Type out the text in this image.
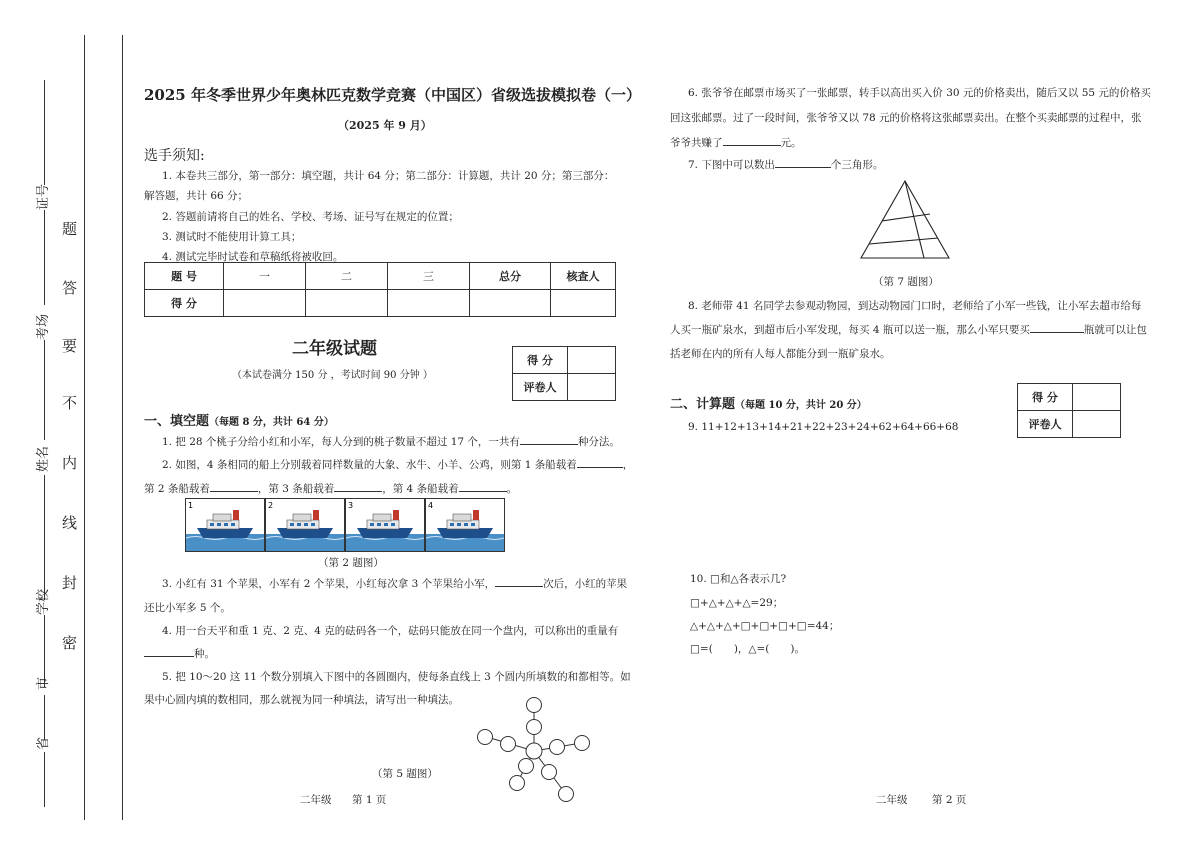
证号
考场
姓名
学校
市
省
题
答
要
不
内
线
封
密
2025 年冬季世界少年奥林匹克数学竞赛（中国区）省级选拔模拟卷（一）
（2025 年 9 月）
选手须知:
1. 本卷共三部分，第一部分：填空题，共计 64 分；第二部分：计算题，共计 20 分；第三部分：
解答题，共计 66 分；
2. 答题前请将自己的姓名、学校、考场、证号写在规定的位置；
3. 测试时不能使用计算工具；
4. 测试完毕时试卷和草稿纸将被收回。
题 号	一	二	三	总分	核查人
得 分					
二年级试题
（本试卷满分 150 分 ，考试时间 90 分钟 ）
得 分	
评卷人	
一、填空题（每题 8 分，共计 64 分）
1. 把 28 个桃子分给小红和小军，每人分到的桃子数量不超过 17 个，一共有	种分法。
2. 如图，4 条相同的船上分别载着同样数量的大象、水牛、小羊、公鸡，则第 1 条船载着	，
第 2 条船载着	，第 3 条船载着	，第 4 条船载着	。
1	2	3	4
（第 2 题图）
3. 小红有 31 个苹果，小军有 2 个苹果，小红每次拿 3 个苹果给小军，	次后，小红的苹果
还比小军多 5 个。
4. 用一台天平和重 1 克、2 克、4 克的砝码各一个，砝码只能放在同一个盘内，可以称出的重量有
种。
5. 把 10～20 这 11 个数分别填入下图中的各圆圈内，使每条直线上 3 个圆内所填数的和都相等。如
果中心圆内填的数相同，那么就视为同一种填法，请写出一种填法。
（第 5 题图）
二年级 第 1 页
6. 张爷爷在邮票市场买了一张邮票，转手以高出买入价 30 元的价格卖出，随后又以 55 元的价格买
回这张邮票。过了一段时间，张爷爷又以 78 元的价格将这张邮票卖出。在整个买卖邮票的过程中，张
爷爷共赚了	元。
7. 下图中可以数出	个三角形。
（第 7 题图）
8. 老师带 41 名同学去参观动物园，到达动物园门口时，老师给了小军一些钱，让小军去超市给每
人买一瓶矿泉水，到超市后小军发现，每买 4 瓶可以送一瓶，那么小军只要买	瓶就可以让包
括老师在内的所有人每人都能分到一瓶矿泉水。
二、计算题（每题 10 分，共计 20 分）
得 分	
评卷人	
9. 11+12+13+14+21+22+23+24+62+64+66+68
10. □和△各表示几?
□+△+△+△=29；
△+△+△+□+□+□+□=44；
□=(　　)，△=(　　)。
二年级 第 2 页
